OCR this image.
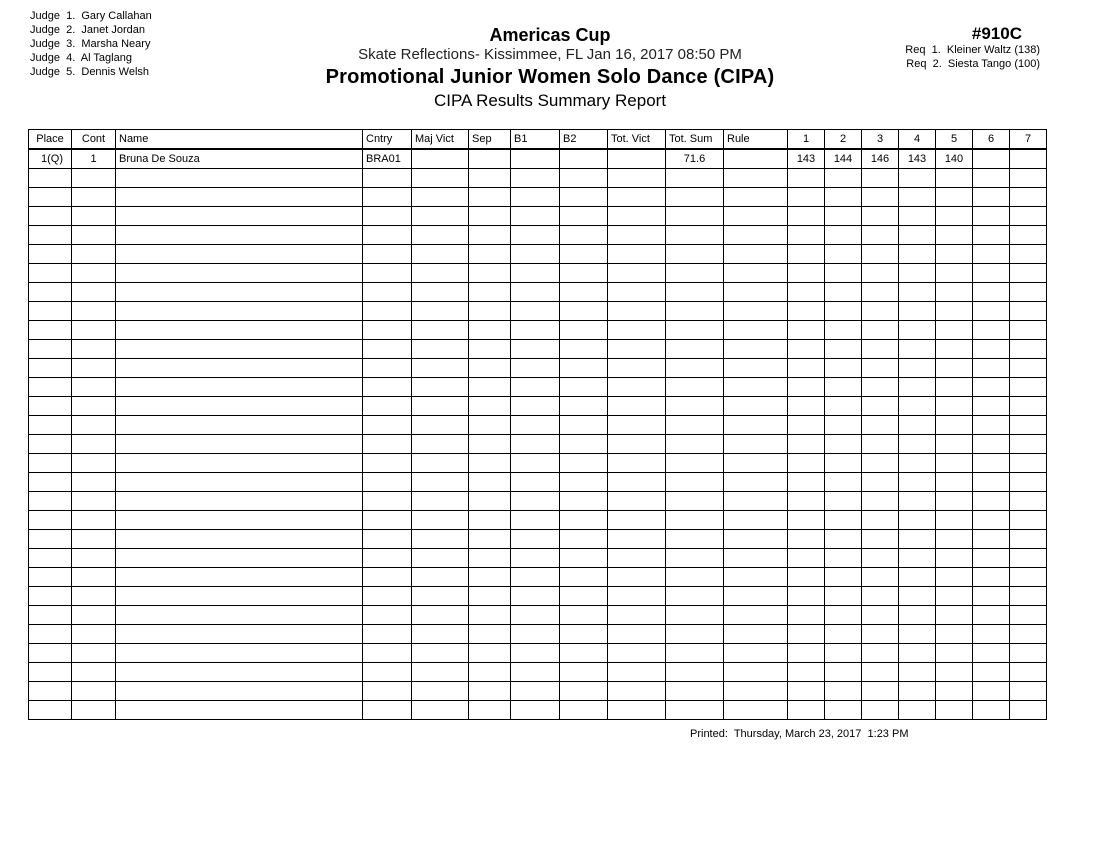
Judge  1.  Gary Callahan
Judge  2.  Janet Jordan
Judge  3.  Marsha Neary
Judge  4.  Al Taglang
Judge  5.  Dennis Welsh
Americas Cup
Skate Reflections- Kissimmee, FL Jan 16, 2017 08:50 PM
Promotional Junior Women Solo Dance (CIPA)
CIPA Results Summary Report
#910C
Req  1.  Kleiner Waltz (138)
Req  2.  Siesta Tango (100)
Place	Cont	Name	Cntry	Maj Vict	Sep	B1	B2	Tot. Vict	Tot. Sum	Rule	1	2	3	4	5	6	7
1(Q)	1	Bruna De Souza	BRA01						71.6		143	144	146	143	140		

Printed:  Thursday, March 23, 2017  1:23 PM
